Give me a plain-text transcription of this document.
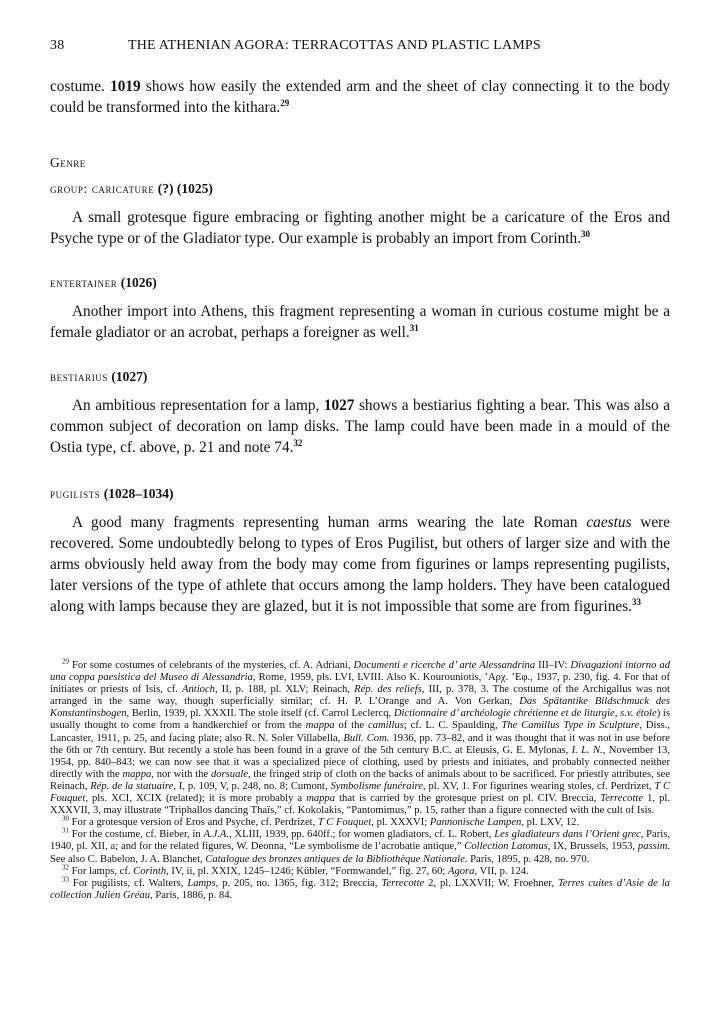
38	THE ATHENIAN AGORA: TERRACOTTAS AND PLASTIC LAMPS

costume. 1019 shows how easily the extended arm and the sheet of clay connecting it to the body could be transformed into the kithara.$^{29}$

Genre

group: caricature (?) (1025)

A small grotesque figure embracing or fighting another might be a caricature of the Eros and Psyche type or of the Gladiator type. Our example is probably an import from Corinth.$^{30}$

entertainer (1026)

Another import into Athens, this fragment representing a woman in curious costume might be a female gladiator or an acrobat, perhaps a foreigner as well.$^{31}$

bestiarius (1027)

An ambitious representation for a lamp, 1027 shows a bestiarius fighting a bear. This was also a common subject of decoration on lamp disks. The lamp could have been made in a mould of the Ostia type, cf. above, p. 21 and note 74.32

pugilists (1028–1034)

A good many fragments representing human arms wearing the late Roman caestus were recovered. Some undoubtedly belong to types of Eros Pugilist, but others of larger size and with the arms obviously held away from the body may come from figurines or lamps representing pugilists, later versions of the type of athlete that occurs among the lamp holders. They have been catalogued along with lamps because they are glazed, but it is not impossible that some are from figurines.$^{33}$

$^{29}$ For some costumes of celebrants of the mysteries, cf. A. Adriani, Documenti e ricerche d’ arte Alessandrina III–IV: Divagazioni intorno ad una coppa paesistica del Museo di Alessandria, Rome, 1959, pls. LVI, LVIII. Also K. Kourouniotis, ’Αρχ. ’Εφ., 1937, p. 230, fig. 4. For that of initiates or priests of Isis, cf. Antioch, II, p. 188, pl. XLV; Reinach, Rép. des reliefs, III, p. 378, 3. The costume of the Archigallus was not arranged in the same way, though superficially similar; cf. H. P. L’Orange and A. Von Gerkan, Das Spätantike Bildschmuck des Konstantinsbogen, Berlin, 1939, pl. XXXII. The stole itself (cf. Carrol Leclercq, Dictionnaire d’ archéologie chrétienne et de liturgie, s.v. étole) is usually thought to come from a handkerchief or from the mappa of the camillus; cf. L. C. Spaulding, The Camillus Type in Sculpture, Diss., Lancaster, 1911, p. 25, and facing plate; also R. N. Soler Villabella, Bull. Com. 1936, pp. 73–82, and it was thought that it was not in use before the 6th or 7th century. But recently a stole has been found in a grave of the 5th century B.C. at Eleusis, G. E. Mylonas, I. L. N., November 13, 1954, pp. 840–843; we can now see that it was a specialized piece of clothing, used by priests and initiates, and probably connected neither directly with the mappa, nor with the dorsuale, the fringed strip of cloth on the backs of animals about to be sacrificed. For priestly attributes, see Reinach, Rép. de la statuaire, I, p. 109, V, p. 248, no. 8; Cumont, Symbolisme funéraire, pl. XV, 1. For figurines wearing stoles, cf. Perdrizet, T C Fouquet, pls. XCI, XCIX (related); it is more probably a mappa that is carried by the grotesque priest on pl. CIV. Breccia, Terrecotte 1, pl. XXXVII, 3, may illustrate “Triphallos dancing Thaïs,” cf. Kokolakis, “Pantomimus,” p. 15, rather than a figure connected with the cult of Isis.

$^{30}$ For a grotesque version of Eros and Psyche, cf. Perdrizet, T C Fouquet, pl. XXXVI; Pannonische Lampen, pl. LXV, 12.

$^{31}$ For the costume, cf. Bieber, in A.J.A., XLIII, 1939, pp. 640ff.; for women gladiators, cf. L. Robert, Les gladiateurs dans l’Orient grec, Paris, 1940, pl. XII, a; and for the related figures, W. Deonna, “Le symbolisme de l’acrobatie antique,” Collection Latomus, IX, Brussels, 1953, passim. See also C. Babelon, J. A. Blanchet, Catalogue des bronzes antiques de la Bibliothèque Nationale. Paris, 1895, p. 428, no. 970.

$^{32}$ For lamps, cf. Corinth, IV, ii, pl. XXIX, 1245–1246; Kübler, “Formwandel,” fig. 27, 60; Agora, VII, p. 124.

$^{33}$ For pugilists, cf. Walters, Lamps, p. 205, no. 1365, fig. 312; Breccia, Terrecotte 2, pl. LXXVII; W. Froehner, Terres cuites d’Asie de la collection Julien Gréau, Paris, 1886, p. 84.
